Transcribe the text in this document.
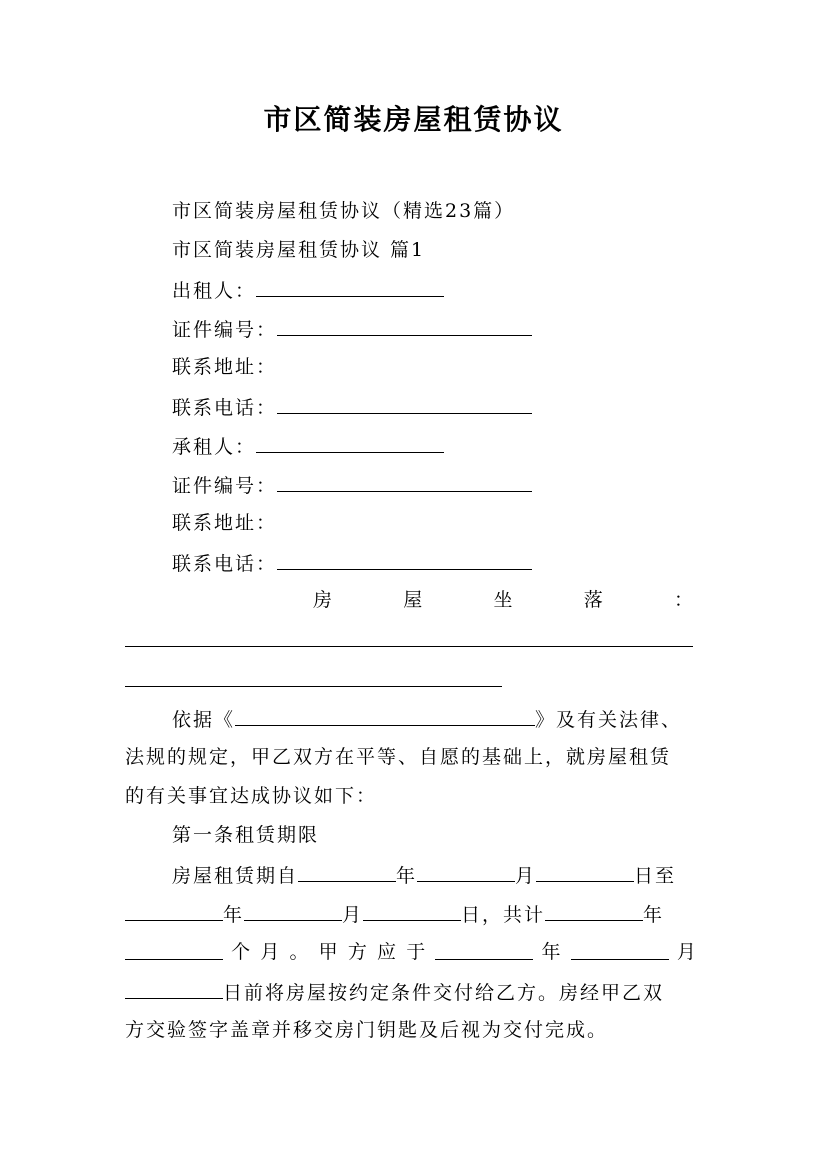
市区简装房屋租赁协议
市区简装房屋租赁协议（精选23篇）
市区简装房屋租赁协议 篇1
出租人：
证件编号：
联系地址：
联系电话：
承租人：
证件编号：
联系地址：
联系电话：
房	屋	坐	落	：
依据《	》及有关法律、
法规的规定，甲乙双方在平等、自愿的基础上，就房屋租赁
的有关事宜达成协议如下：
第一条租赁期限
房屋租赁期自	年	月	日至
年	月	日，共计	年
个 月 。 甲 方 应 于	年	月
日前将房屋按约定条件交付给乙方。房经甲乙双
方交验签字盖章并移交房门钥匙及后视为交付完成。
